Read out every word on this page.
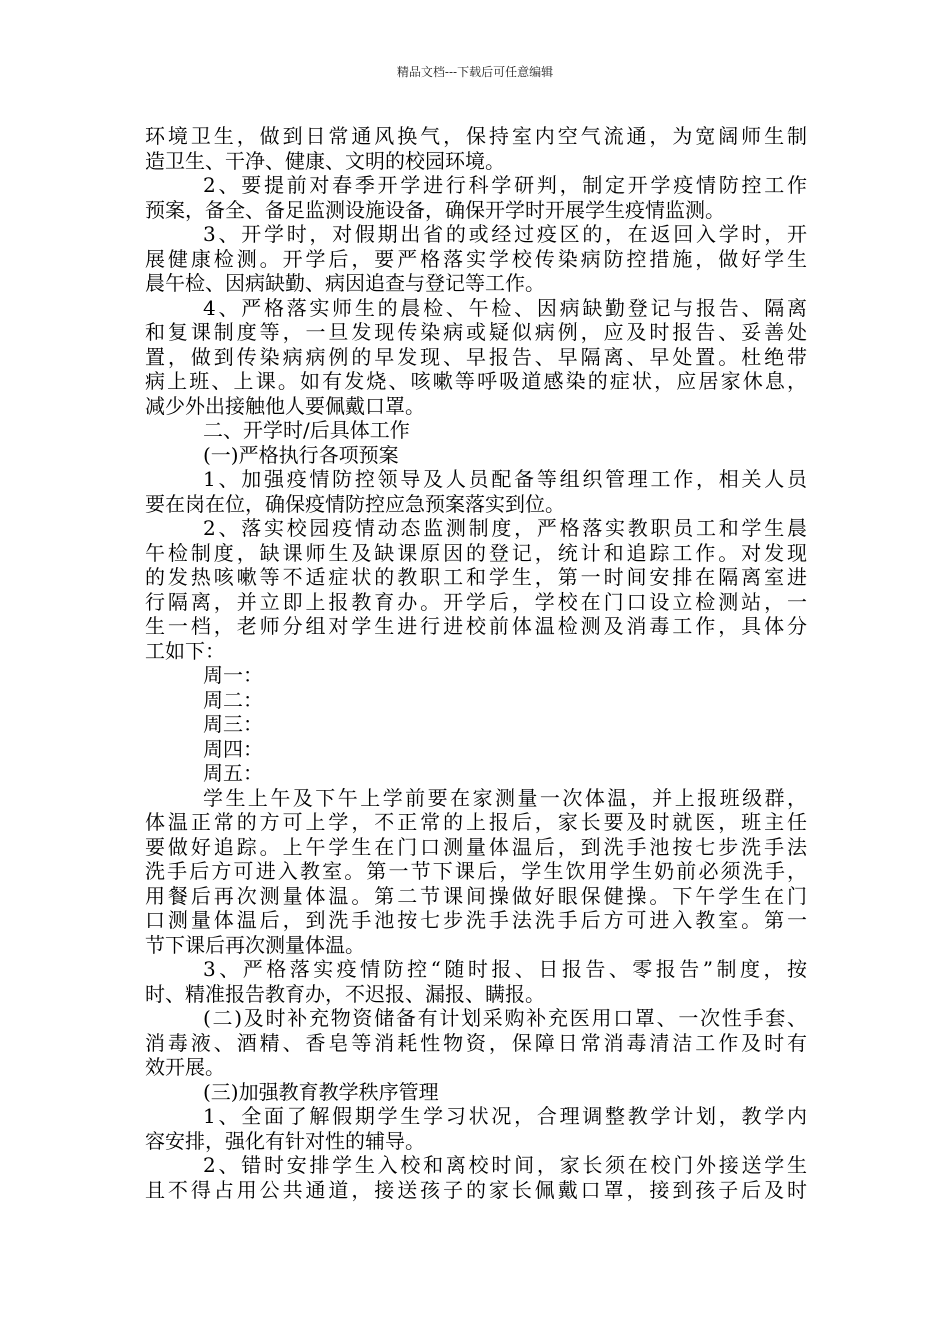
精品文档---下载后可任意编辑
环境卫生，做到日常通风换气，保持室内空气流通，为宽阔师生制
造卫生、干净、健康、文明的校园环境。
2、要提前对春季开学进行科学研判，制定开学疫情防控工作
预案，备全、备足监测设施设备，确保开学时开展学生疫情监测。
3、开学时，对假期出省的或经过疫区的，在返回入学时，开
展健康检测。开学后，要严格落实学校传染病防控措施，做好学生
晨午检、因病缺勤、病因追查与登记等工作。
4、严格落实师生的晨检、午检、因病缺勤登记与报告、隔离
和复课制度等，一旦发现传染病或疑似病例，应及时报告、妥善处
置，做到传染病病例的早发现、早报告、早隔离、早处置。杜绝带
病上班、上课。如有发烧、咳嗽等呼吸道感染的症状，应居家休息，
减少外出接触他人要佩戴口罩。
二、开学时/后具体工作
(一)严格执行各项预案
1、加强疫情防控领导及人员配备等组织管理工作，相关人员
要在岗在位，确保疫情防控应急预案落实到位。
2、落实校园疫情动态监测制度，严格落实教职员工和学生晨
午检制度，缺课师生及缺课原因的登记，统计和追踪工作。对发现
的发热咳嗽等不适症状的教职工和学生，第一时间安排在隔离室进
行隔离，并立即上报教育办。开学后，学校在门口设立检测站，一
生一档，老师分组对学生进行进校前体温检测及消毒工作，具体分
工如下：
周一：
周二：
周三：
周四：
周五：
学生上午及下午上学前要在家测量一次体温，并上报班级群，
体温正常的方可上学，不正常的上报后，家长要及时就医，班主任
要做好追踪。上午学生在门口测量体温后，到洗手池按七步洗手法
洗手后方可进入教室。第一节下课后，学生饮用学生奶前必须洗手，
用餐后再次测量体温。第二节课间操做好眼保健操。下午学生在门
口测量体温后，到洗手池按七步洗手法洗手后方可进入教室。第一
节下课后再次测量体温。
3、严格落实疫情防控“随时报、日报告、零报告”制度，按
时、精准报告教育办，不迟报、漏报、瞒报。
(二)及时补充物资储备有计划采购补充医用口罩、一次性手套、
消毒液、酒精、香皂等消耗性物资，保障日常消毒清洁工作及时有
效开展。
(三)加强教育教学秩序管理
1、全面了解假期学生学习状况，合理调整教学计划，教学内
容安排，强化有针对性的辅导。
2、错时安排学生入校和离校时间，家长须在校门外接送学生
且不得占用公共通道，接送孩子的家长佩戴口罩，接到孩子后及时
